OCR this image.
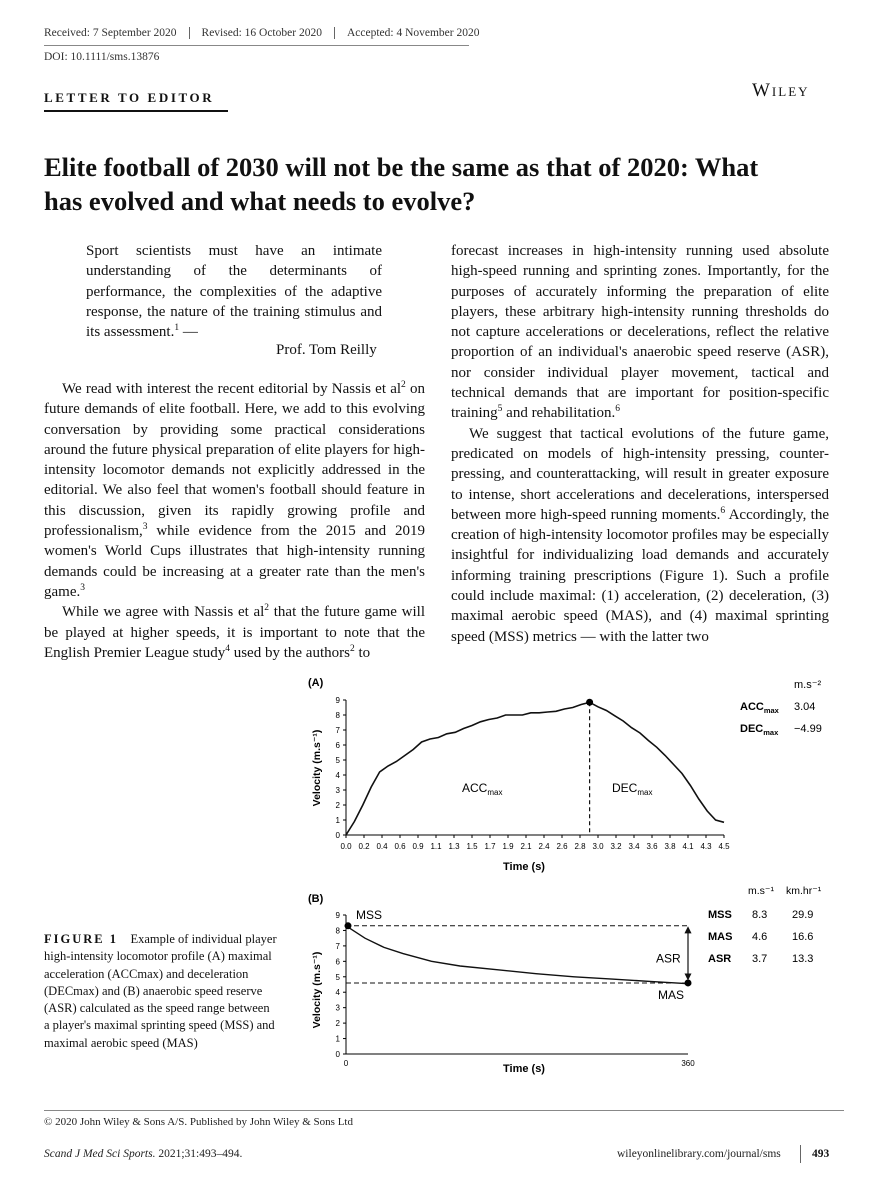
Received: 7 September 2020 Revised: 16 October 2020 Accepted: 4 November 2020
DOI: 10.1111/sms.13876
LETTER TO EDITOR	Wiley
Elite football of 2030 will not be the same as that of 2020: What
has evolved and what needs to evolve?
Sport scientists must have an intimate understanding of the determinants of performance, the complexities of the adaptive response, the nature of the training stimulus and its assessment.$^1$ —
Prof. Tom Reilly

We read with interest the recent editorial by Nassis et $al^2$ on future demands of elite football. Here, we add to this evolving conversation by providing some practical considerations around the future physical preparation of elite players for high-intensity locomotor demands not explicitly addressed in the editorial. We also feel that women's football should feature in this discussion, given its rapidly growing profile and professionalism,$^3$ while evidence from the 2015 and 2019 women's World Cups illustrates that high-intensity running demands could be increasing at a greater rate than the men's game.$^3$

While we agree with Nassis et $al^2$ that the future game will be played at higher speeds, it is important to note that the English Premier League study$^4$ used by the authors$^2$ to

forecast increases in high-intensity running used absolute high-speed running and sprinting zones. Importantly, for the purposes of accurately informing the preparation of elite players, these arbitrary high-intensity running thresholds do not capture accelerations or decelerations, reflect the relative proportion of an individual's anaerobic speed reserve (ASR), nor consider individual player movement, tactical and technical demands that are important for position-specific training$^5$ and rehabilitation.$^6$

We suggest that tactical evolutions of the future game, predicated on models of high-intensity pressing, counter-pressing, and counterattacking, will result in greater exposure to intense, short accelerations and decelerations, interspersed between more high-speed running moments.$^6$ Accordingly, the creation of high-intensity locomotor profiles may be especially insightful for individualizing load demands and accurately informing training prescriptions (Figure 1). Such a profile could include maximal: (1) acceleration, (2) deceleration, (3) maximal aerobic speed (MAS), and (4) maximal sprinting speed (MSS) metrics — with the latter two

(A)
0
1
2
3
4
5
6
7
8
9
0.0 0.2 0.4 0.6 0.9 1.1 1.3 1.5 1.7 1.9 2.1 2.4 2.6 2.8 3.0 3.2 3.4 3.6 3.8 4.1 4.3 4.5
Velocity (m.s⁻¹)
Time (s)
$ACC_{max}$	$DEC_{max}$
m.s⁻²
$ACC_{max}$ 3.04
$DEC_{max} -4.99$
(B)
0
1
2
3
4
5
6
7
8
9
0	360
Velocity (m.s⁻¹)
Time (s)
MSS
MAS
ASR
m.s⁻¹ km.hr⁻¹
MSS 8.3 29.9
MAS 4.6 16.6
ASR 3.7 13.3
FIGURE 1 Example of individual player high-intensity locomotor profile (A) maximal acceleration (ACCmax) and deceleration (DECmax) and (B) anaerobic speed reserve (ASR) calculated as the speed range between a player's maximal sprinting speed (MSS) and maximal aerobic speed (MAS)
© 2020 John Wiley & Sons A/S. Published by John Wiley & Sons Ltd
Scand J Med Sci Sports. 2021;31:493–494.	wileyonlinelibrary.com/journal/sms	493
